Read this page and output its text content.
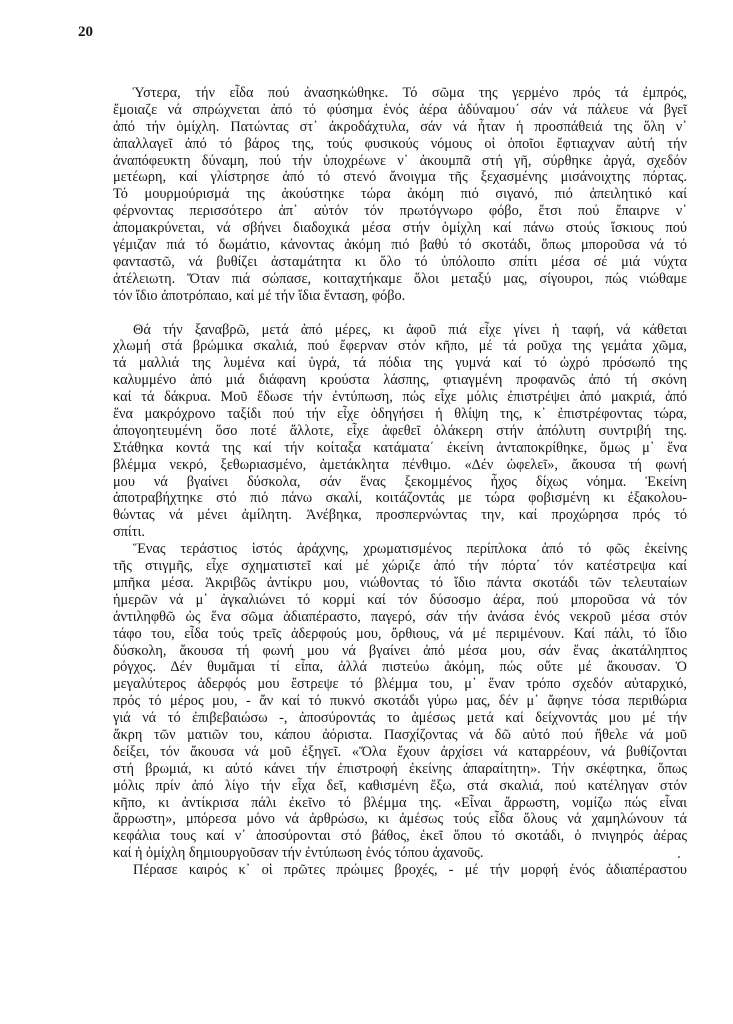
20
Ύστερα, τήν εἶδα πού ἀνασηκώθηκε. Τό σῶμα της γερμένο πρός τά ἐμπρός,
ἔμοιαζε νά σπρώχνεται ἀπό τό φύσημα ἑνός ἀέρα ἀδύναμου΄ σάν νά πάλευε νά βγεῖ
ἀπό τήν ὁμίχλη. Πατώντας στ᾽ ἀκροδάχτυλα, σάν νά ἦταν ἡ προσπάθειά της ὅλη ν᾽
ἀπαλλαγεῖ ἀπό τό βάρος της, τούς φυσικούς νόμους οἱ ὁποῖοι ἔφτιαχναν αὐτή τήν
ἀναπόφευκτη δύναμη, πού τήν ὑποχρέωνε ν᾽ ἀκουμπᾶ στή γῆ, σύρθηκε ἀργά, σχεδόν
μετέωρη, καί γλίστρησε ἀπό τό στενό ἄνοιγμα τῆς ξεχασμένης μισάνοιχτης πόρτας.
Τό μουρμούρισμά της ἀκούστηκε τώρα ἀκόμη πιό σιγανό, πιό ἀπειλητικό καί
φέρνοντας περισσότερο ἀπ᾽ αὐτόν τόν πρωτόγνωρο φόβο, ἔτσι πού ἔπαιρνε ν᾽
ἀπομακρύνεται, νά σβήνει διαδοχικά μέσα στήν ὁμίχλη καί πάνω στούς ἴσκιους πού
γέμιζαν πιά τό δωμάτιο, κάνοντας ἀκόμη πιό βαθύ τό σκοτάδι, ὅπως μποροῦσα νά τό
φανταστῶ, νά βυθίζει ἀσταμάτητα κι ὅλο τό ὑπόλοιπο σπίτι μέσα σέ μιά νύχτα
ἀτέλειωτη. Ὅταν πιά σώπασε, κοιταχτήκαμε ὅλοι μεταξύ μας, σίγουροι, πώς νιώθαμε
τόν ἴδιο ἀποτρόπαιο, καί μέ τήν ἴδια ἔνταση, φόβο.
Θά τήν ξαναβρῶ, μετά ἀπό μέρες, κι ἀφοῦ πιά εἶχε γίνει ἡ ταφή, νά κάθεται
χλωμή στά βρώμικα σκαλιά, πού ἔφερναν στόν κῆπο, μέ τά ροῦχα της γεμάτα χῶμα,
τά μαλλιά της λυμένα καί ὑγρά, τά πόδια της γυμνά καί τό ὠχρό πρόσωπό της
καλυμμένο ἀπό μιά διάφανη κρούστα λάσπης, φτιαγμένη προφανῶς ἀπό τή σκόνη
καί τά δάκρυα. Μοῦ ἔδωσε τήν ἐντύπωση, πώς εἶχε μόλις ἐπιστρέψει ἀπό μακριά, ἀπό
ἕνα μακρόχρονο ταξίδι πού τήν εἶχε ὁδηγήσει ἡ θλίψη της, κ᾽ ἐπιστρέφοντας τώρα,
ἀπογοητευμένη ὅσο ποτέ ἄλλοτε, εἶχε ἀφεθεῖ ὁλάκερη στήν ἀπόλυτη συντριβή της.
Στάθηκα κοντά της καί τήν κοίταξα κατάματα΄ ἐκείνη ἀνταποκρίθηκε, ὅμως μ᾽ ἕνα
βλέμμα νεκρό, ξεθωριασμένο, ἀμετάκλητα πένθιμο. «Δέν ὠφελεῖ», ἄκουσα τή φωνή
μου νά βγαίνει δύσκολα, σάν ἕνας ξεκομμένος ἦχος δίχως νόημα. Ἐκείνη
ἀποτραβήχτηκε στό πιό πάνω σκαλί, κοιτάζοντάς με τώρα φοβισμένη κι ἐξακολου-
θώντας νά μένει ἀμίλητη. Ἀνέβηκα, προσπερνώντας την, καί προχώρησα πρός τό
σπίτι.
Ἕνας τεράστιος ἱστός ἀράχνης, χρωματισμένος περίπλοκα ἀπό τό φῶς ἐκείνης
τῆς στιγμῆς, εἶχε σχηματιστεῖ καί μέ χώριζε ἀπό τήν πόρτα΄ τόν κατέστρεψα καί
μπῆκα μέσα. Ἀκριβῶς ἀντίκρυ μου, νιώθοντας τό ἴδιο πάντα σκοτάδι τῶν τελευταίων
ἡμερῶν νά μ᾽ ἀγκαλιώνει τό κορμί καί τόν δύσοσμο ἀέρα, πού μποροῦσα νά τόν
ἀντιληφθῶ ὡς ἕνα σῶμα ἀδιαπέραστο, παγερό, σάν τήν ἀνάσα ἑνός νεκροῦ μέσα στόν
τάφο του, εἶδα τούς τρεῖς ἀδερφούς μου, ὄρθιους, νά μέ περιμένουν. Καί πάλι, τό ἴδιο
δύσκολη, ἄκουσα τή φωνή μου νά βγαίνει ἀπό μέσα μου, σάν ἕνας ἀκατάληπτος
ρόγχος. Δέν θυμᾶμαι τί εἶπα, ἀλλά πιστεύω ἀκόμη, πώς οὔτε μέ ἄκουσαν. Ὁ
μεγαλύτερος ἀδερφός μου ἔστρεψε τό βλέμμα του, μ᾽ ἕναν τρόπο σχεδόν αὐταρχικό,
πρός τό μέρος μου, - ἄν καί τό πυκνό σκοτάδι γύρω μας, δέν μ᾽ ἄφηνε τόσα περιθώρια
γιά νά τό ἐπιβεβαιώσω -, ἀποσύροντάς το ἀμέσως μετά καί δείχνοντάς μου μέ τήν
ἄκρη τῶν ματιῶν του, κάπου ἀόριστα. Πασχίζοντας νά δῶ αὐτό πού ἤθελε νά μοῦ
δείξει, τόν ἄκουσα νά μοῦ ἐξηγεῖ. «Ὅλα ἔχουν ἀρχίσει νά καταρρέουν, νά βυθίζονται
στή βρωμιά, κι αὐτό κάνει τήν ἐπιστροφή ἐκείνης ἀπαραίτητη». Τήν σκέφτηκα, ὅπως
μόλις πρίν ἀπό λίγο τήν εἶχα δεῖ, καθισμένη ἔξω, στά σκαλιά, πού κατέληγαν στόν
κῆπο, κι ἀντίκρισα πάλι ἐκεῖνο τό βλέμμα της. «Εἶναι ἄρρωστη, νομίζω πώς εἶναι
ἄρρωστη», μπόρεσα μόνο νά ἀρθρώσω, κι ἀμέσως τούς εἶδα ὅλους νά χαμηλώνουν τά
κεφάλια τους καί ν᾽ ἀποσύρονται στό βάθος, ἐκεῖ ὅπου τό σκοτάδι, ὁ πνιγηρός ἀέρας
καί ἡ ὁμίχλη δημιουργοῦσαν τήν ἐντύπωση ἑνός τόπου ἀχανοῦς.
Πέρασε καιρός κ᾽ οἱ πρῶτες πρώιμες βροχές, - μέ τήν μορφή ἑνός ἀδιαπέραστου
